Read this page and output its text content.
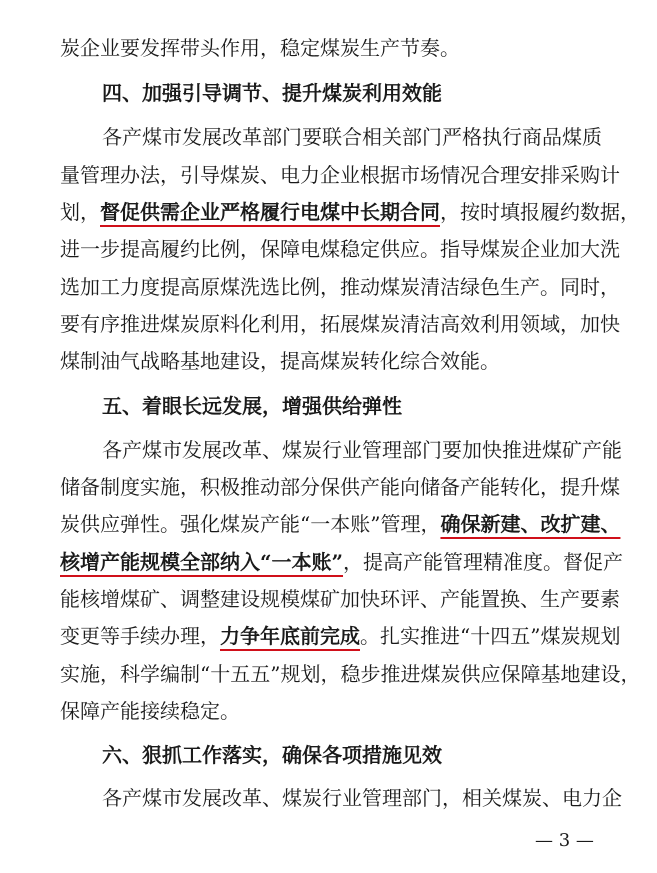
炭企业要发挥带头作用，稳定煤炭生产节奏。
四、加强引导调节、提升煤炭利用效能
各产煤市发展改革部门要联合相关部门严格执行商品煤质
量管理办法，引导煤炭、电力企业根据市场情况合理安排采购计
划，督促供需企业严格履行电煤中长期合同，按时填报履约数据，
进一步提高履约比例，保障电煤稳定供应。指导煤炭企业加大洗
选加工力度提高原煤洗选比例，推动煤炭清洁绿色生产。同时，
要有序推进煤炭原料化利用，拓展煤炭清洁高效利用领域，加快
煤制油气战略基地建设，提高煤炭转化综合效能。
五、着眼长远发展，增强供给弹性
各产煤市发展改革、煤炭行业管理部门要加快推进煤矿产能
储备制度实施，积极推动部分保供产能向储备产能转化，提升煤
炭供应弹性。强化煤炭产能“一本账”管理，确保新建、改扩建、
核增产能规模全部纳入“一本账”，提高产能管理精准度。督促产
能核增煤矿、调整建设规模煤矿加快环评、产能置换、生产要素
变更等手续办理，力争年底前完成。扎实推进“十四五”煤炭规划
实施，科学编制“十五五”规划，稳步推进煤炭供应保障基地建设，
保障产能接续稳定。
六、狠抓工作落实，确保各项措施见效
各产煤市发展改革、煤炭行业管理部门，相关煤炭、电力企
— 3 —
